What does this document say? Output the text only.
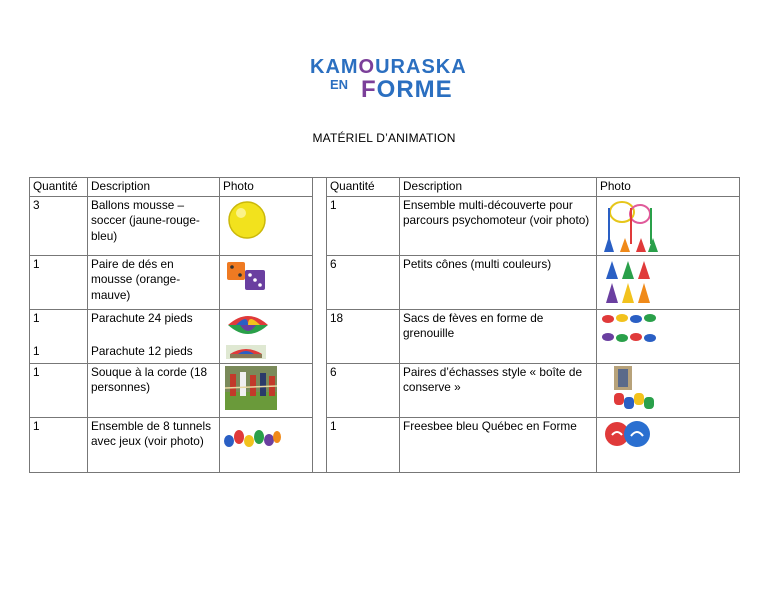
KAMOURASKA
EN FORME
MATÉRIEL D’ANIMATION
Quantité	Description	Photo		Quantité	Description	Photo
3	Ballons mousse – soccer (jaune-rouge-bleu)			1	Ensemble multi-découverte pour parcours psychomoteur (voir photo)	

1	Paire de dés en mousse (orange-mauve)			6	Petits cônes (multi couleurs)	

1	Parachute 24 pieds			18	Sacs de fèves en forme de grenouille	

1	Parachute 12 pieds	

1	Souque à la corde (18 personnes)			6	Paires d’échasses style « boîte de conserve »	

1	Ensemble de 8 tunnels avec jeux (voir photo)			1	Freesbee bleu Québec en Forme	
